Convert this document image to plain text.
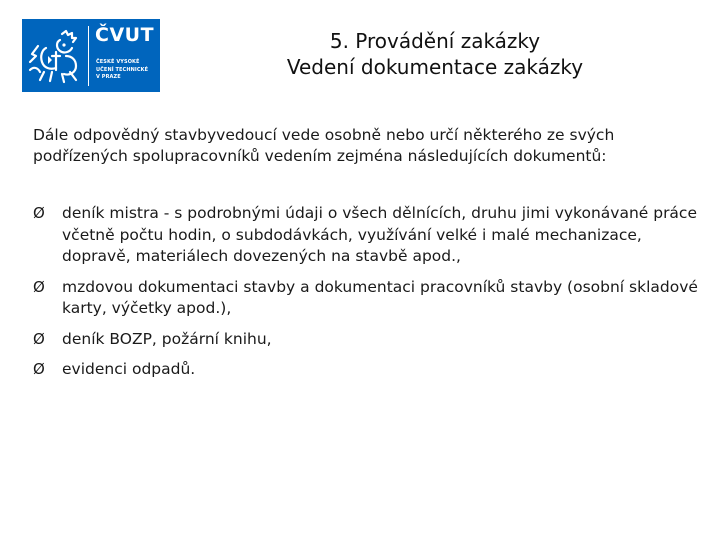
ČVUT
ČESKÉ VYSOKÉ
UČENÍ TECHNICKÉ
V PRAZE
5. Provádění zakázky
Vedení dokumentace zakázky

Dále odpovědný stavbyvedoucí vede osobně nebo určí některého ze svých podřízených spolupracovníků vedením zejména následujících dokumentů:

Ø deník mistra - s podrobnými údaji o všech dělnících, druhu jimi vykonávané práce včetně počtu hodin, o subdodávkách, využívání velké i malé mechanizace, dopravě, materiálech dovezených na stavbě apod.,
Ø mzdovou dokumentaci stavby a dokumentaci pracovníků stavby (osobní skladové karty, výčetky apod.),
Ø deník BOZP, požární knihu,
Ø evidenci odpadů.
